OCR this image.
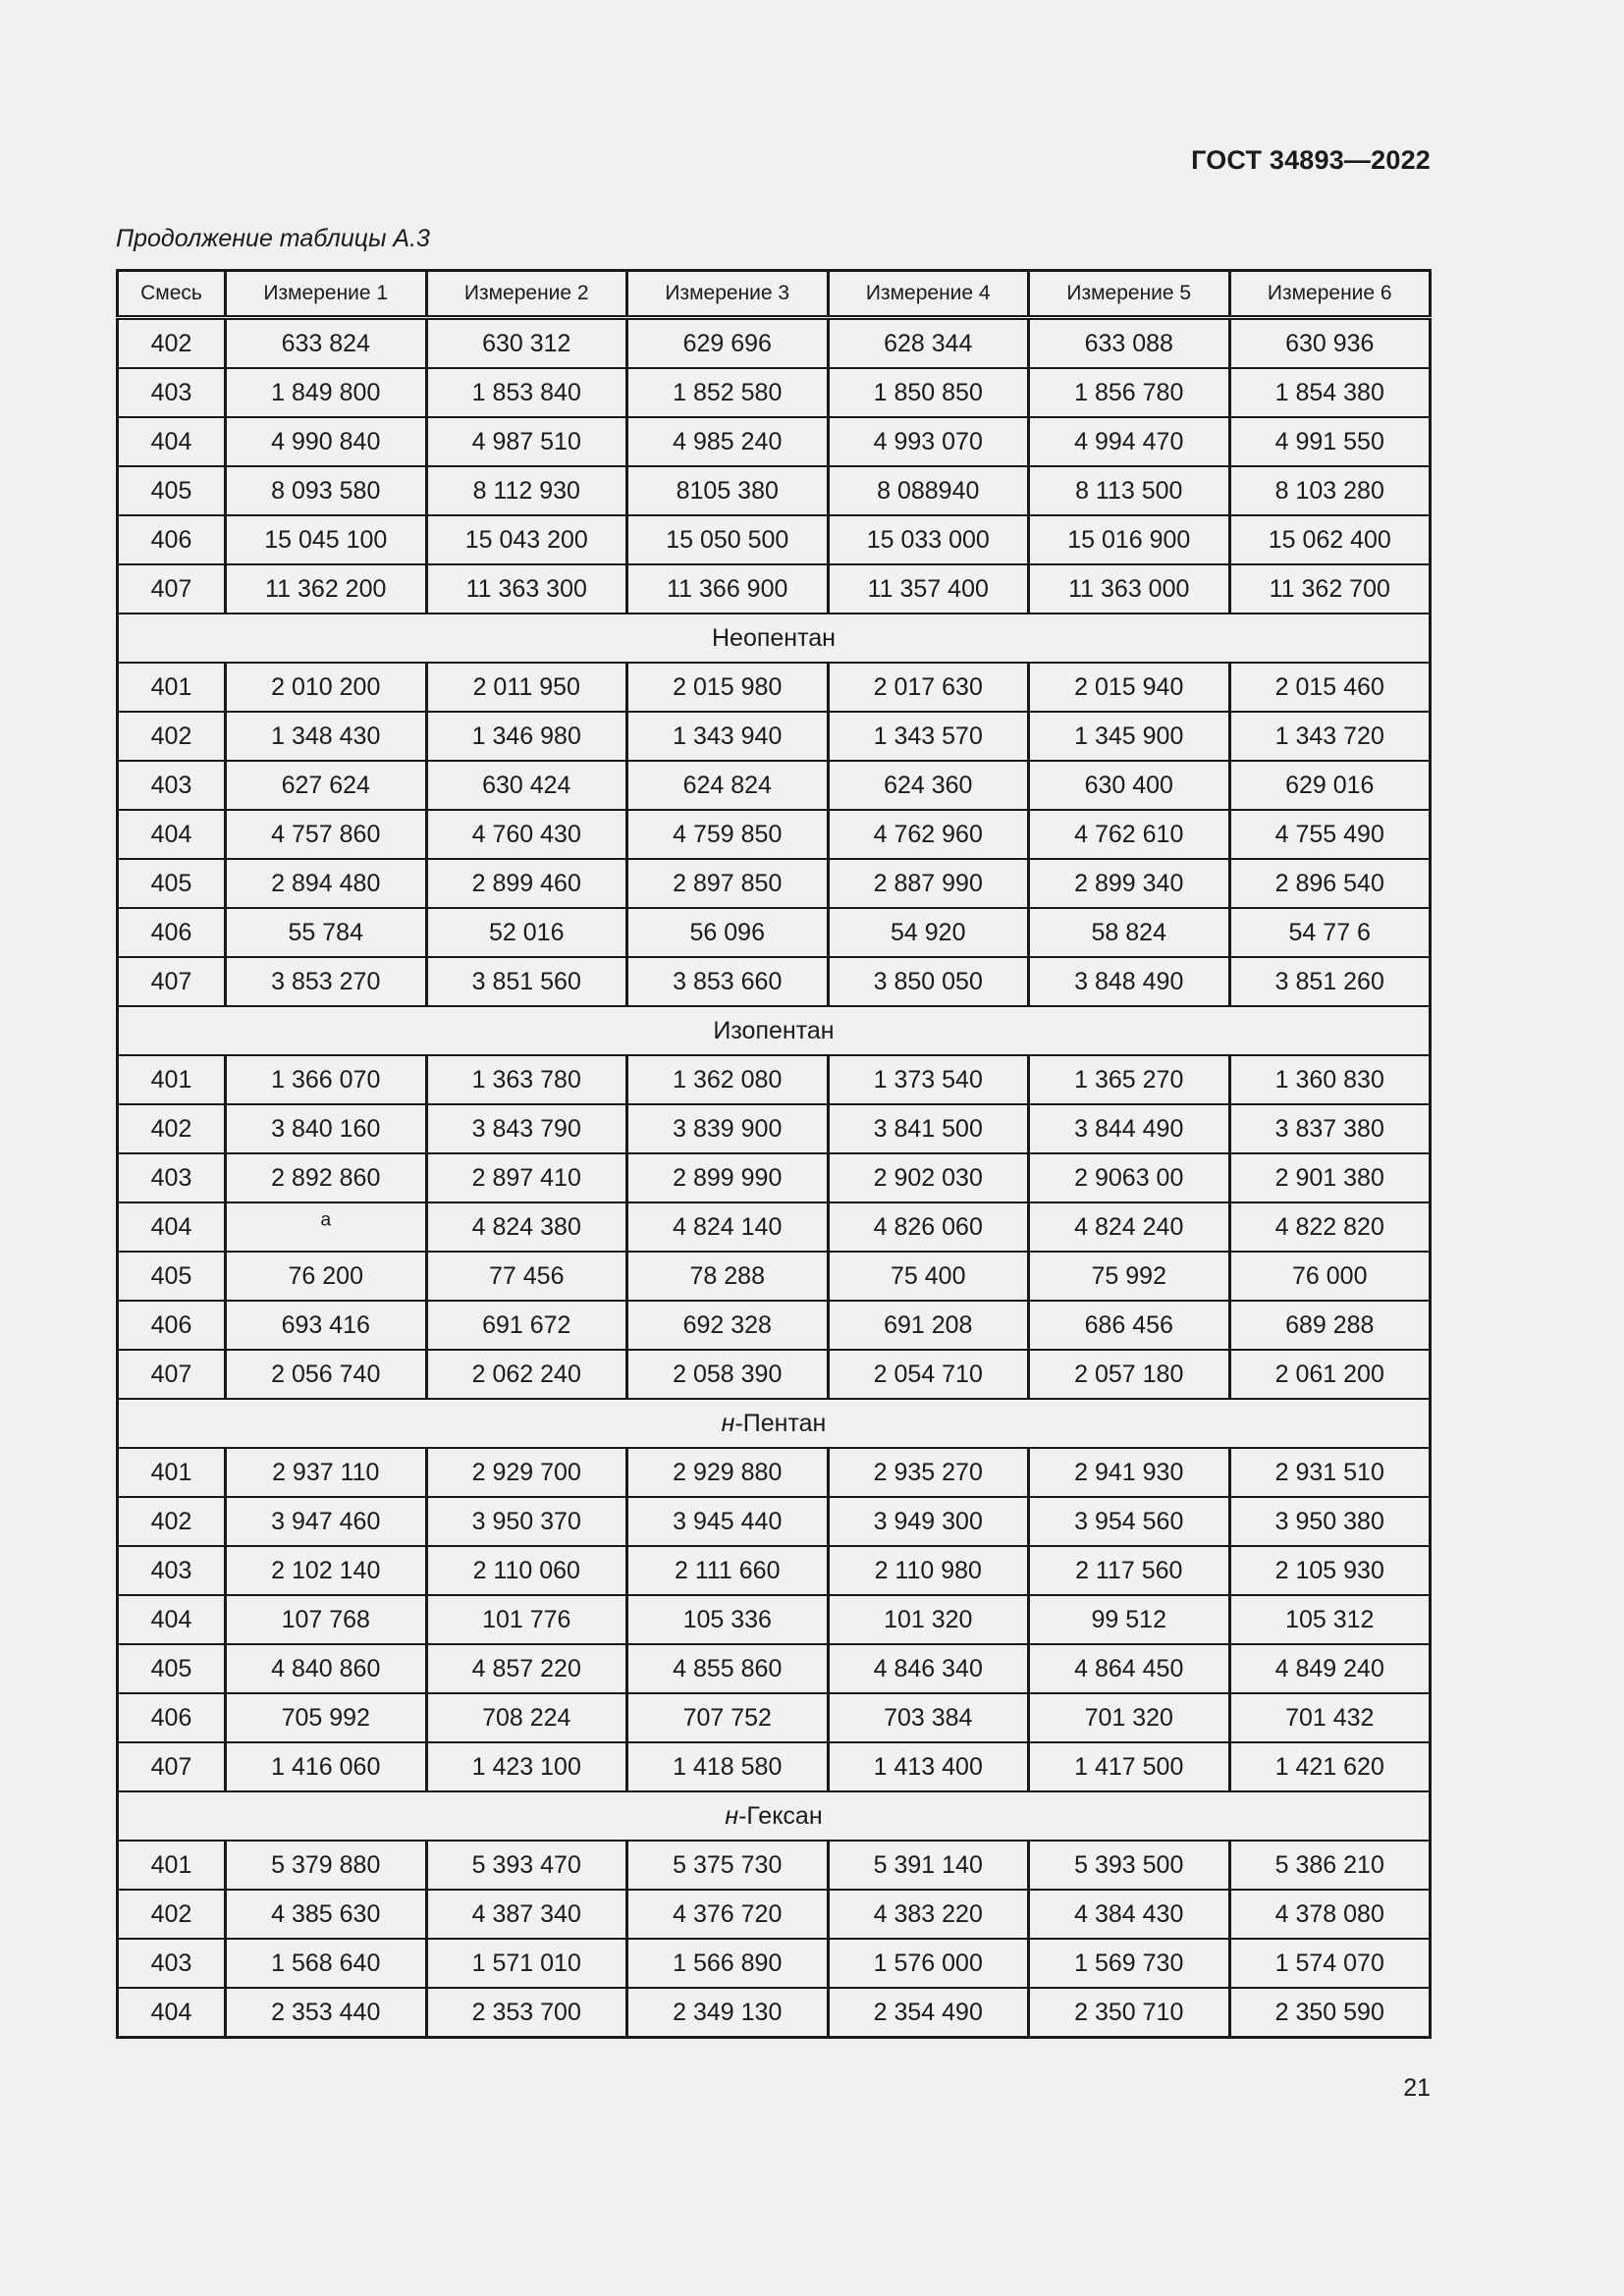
ГОСТ 34893—2022
Продолжение таблицы А.3
Смесь	Измерение 1	Измерение 2	Измерение 3	Измерение 4	Измерение 5	Измерение 6
402	633 824	630 312	629 696	628 344	633 088	630 936
403	1 849 800	1 853 840	1 852 580	1 850 850	1 856 780	1 854 380
404	4 990 840	4 987 510	4 985 240	4 993 070	4 994 470	4 991 550
405	8 093 580	8 112 930	8105 380	8 088940	8 113 500	8 103 280
406	15 045 100	15 043 200	15 050 500	15 033 000	15 016 900	15 062 400
407	11 362 200	11 363 300	11 366 900	11 357 400	11 363 000	11 362 700
Неопентан						
401	2 010 200	2 011 950	2 015 980	2 017 630	2 015 940	2 015 460
402	1 348 430	1 346 980	1 343 940	1 343 570	1 345 900	1 343 720
403	627 624	630 424	624 824	624 360	630 400	629 016
404	4 757 860	4 760 430	4 759 850	4 762 960	4 762 610	4 755 490
405	2 894 480	2 899 460	2 897 850	2 887 990	2 899 340	2 896 540
406	55 784	52 016	56 096	54 920	58 824	54 77 6
407	3 853 270	3 851 560	3 853 660	3 850 050	3 848 490	3 851 260
Изопентан						
401	1 366 070	1 363 780	1 362 080	1 373 540	1 365 270	1 360 830
402	3 840 160	3 843 790	3 839 900	3 841 500	3 844 490	3 837 380
403	2 892 860	2 897 410	2 899 990	2 902 030	2 9063 00	2 901 380
404	$^а$	4 824 380	4 824 140	4 826 060	4 824 240	4 822 820
405	76 200	77 456	78 288	75 400	75 992	76 000
406	693 416	691 672	692 328	691 208	686 456	689 288
407	2 056 740	2 062 240	2 058 390	2 054 710	2 057 180	2 061 200
н-Пентан						
401	2 937 110	2 929 700	2 929 880	2 935 270	2 941 930	2 931 510
402	3 947 460	3 950 370	3 945 440	3 949 300	3 954 560	3 950 380
403	2 102 140	2 110 060	2 111 660	2 110 980	2 117 560	2 105 930
404	107 768	101 776	105 336	101 320	99 512	105 312
405	4 840 860	4 857 220	4 855 860	4 846 340	4 864 450	4 849 240
406	705 992	708 224	707 752	703 384	701 320	701 432
407	1 416 060	1 423 100	1 418 580	1 413 400	1 417 500	1 421 620
н-Гексан						
401	5 379 880	5 393 470	5 375 730	5 391 140	5 393 500	5 386 210
402	4 385 630	4 387 340	4 376 720	4 383 220	4 384 430	4 378 080
403	1 568 640	1 571 010	1 566 890	1 576 000	1 569 730	1 574 070
404	2 353 440	2 353 700	2 349 130	2 354 490	2 350 710	2 350 590
21
